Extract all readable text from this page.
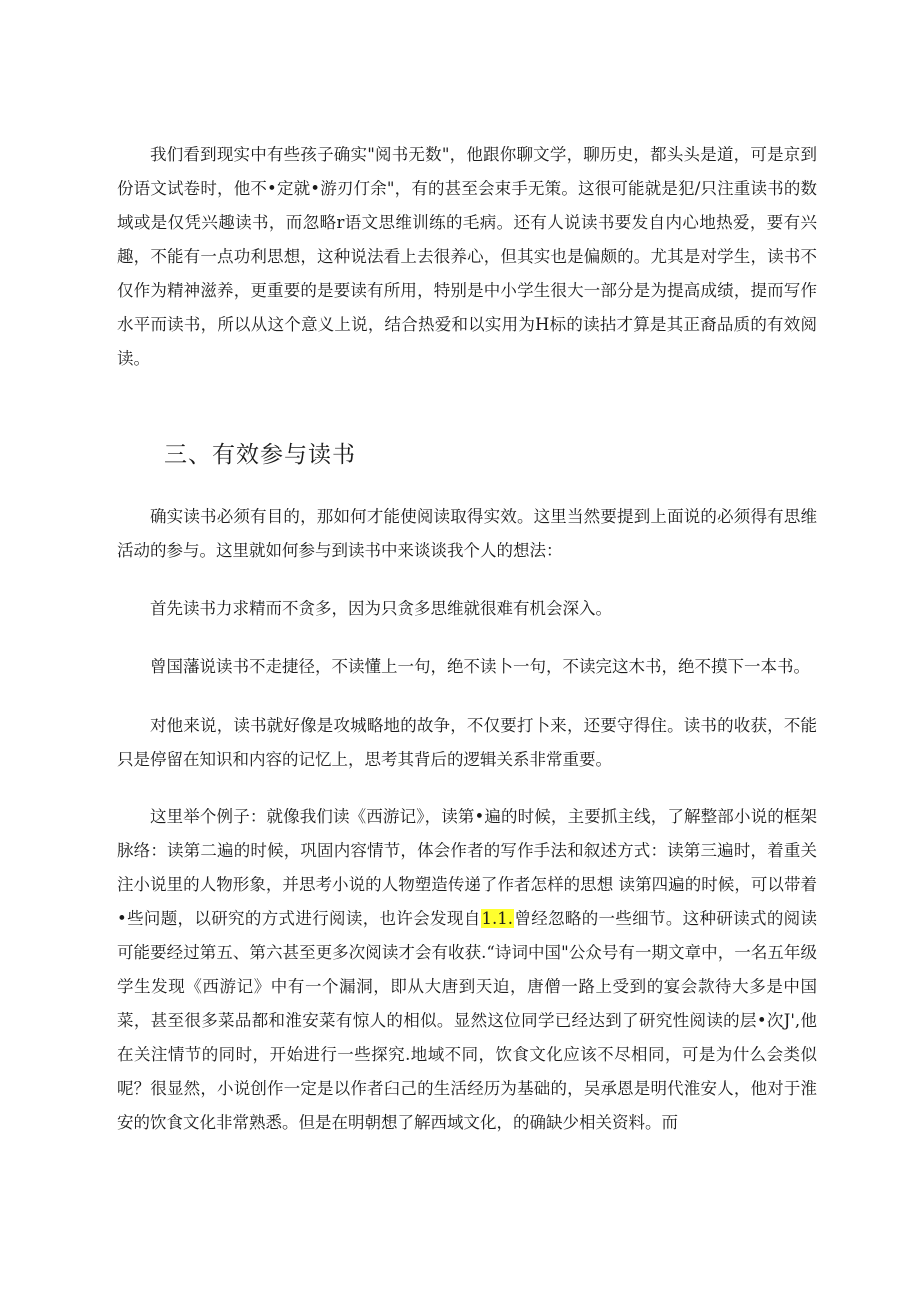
我们看到现实中有些孩子确实"阅书无数"，他跟你聊文学，聊历史，都头头是道，可是京到份语文试卷时，他不•定就•游刃仃余"，有的甚至会束手无策。这很可能就是犯/只注重读书的数域或是仅凭兴趣读书，而忽略r语文思维训练的毛病。还有人说读书要发自内心地热爱，要有兴趣，不能有一点功利思想，这种说法看上去很养心，但其实也是偏颇的。尤其是对学生，读书不仅作为精神滋养，更重要的是要读有所用，特别是中小学生很大一部分是为提高成绩，提而写作水平而读书，所以从这个意义上说，结合热爱和以实用为H标的读拈才算是其正裔品质的有效阅读。

三、有效参与读书

确实读书必须有目的，那如何才能使阅读取得实效。这里当然要提到上面说的必须得有思维活动的参与。这里就如何参与到读书中来谈谈我个人的想法：

首先读书力求精而不贪多，因为只贪多思维就很难有机会深入。

曾国藩说读书不走捷径，不读懂上一句，绝不读卜一句，不读完这木书，绝不摸下一本书。

对他来说，读书就好像是攻城略地的故争，不仅要打卜来，还要守得住。读书的收获，不能只是停留在知识和内容的记忆上，思考其背后的逻辑关系非常重要。

这里举个例子：就像我们读《西游记》，读第•遍的时候，主要抓主线，了解整部小说的框架脉络：读第二遍的时候，巩固内容情节，体会作者的写作手法和叙述方式：读第三遍时，着重关注小说里的人物形象，并思考小说的人物塑造传递了作者怎样的思想 读第四遍的时候，可以带着•些问题，以研究的方式进行阅读，也许会发现自1.1.曾经忽略的一些细节。这种研读式的阅读可能要经过第五、第六甚至更多次阅读才会有收获.“诗词中国"公众号有一期文章中，一名五年级学生发现《西游记》中有一个漏洞，即从大唐到天迫，唐僧一路上受到的宴会款待大多是中国菜，甚至很多菜品都和淮安菜有惊人的相似。显然这位同学已经达到了研究性阅读的层•次J',他在关注情节的同时，开始进行一些探究.地域不同，饮食文化应该不尽相同，可是为什么会类似呢？很显然，小说创作一定是以作者臼己的生活经历为基础的，吴承恩是明代淮安人，他对于淮安的饮食文化非常熟悉。但是在明朝想了解西域文化，的确缺少相关资料。而
